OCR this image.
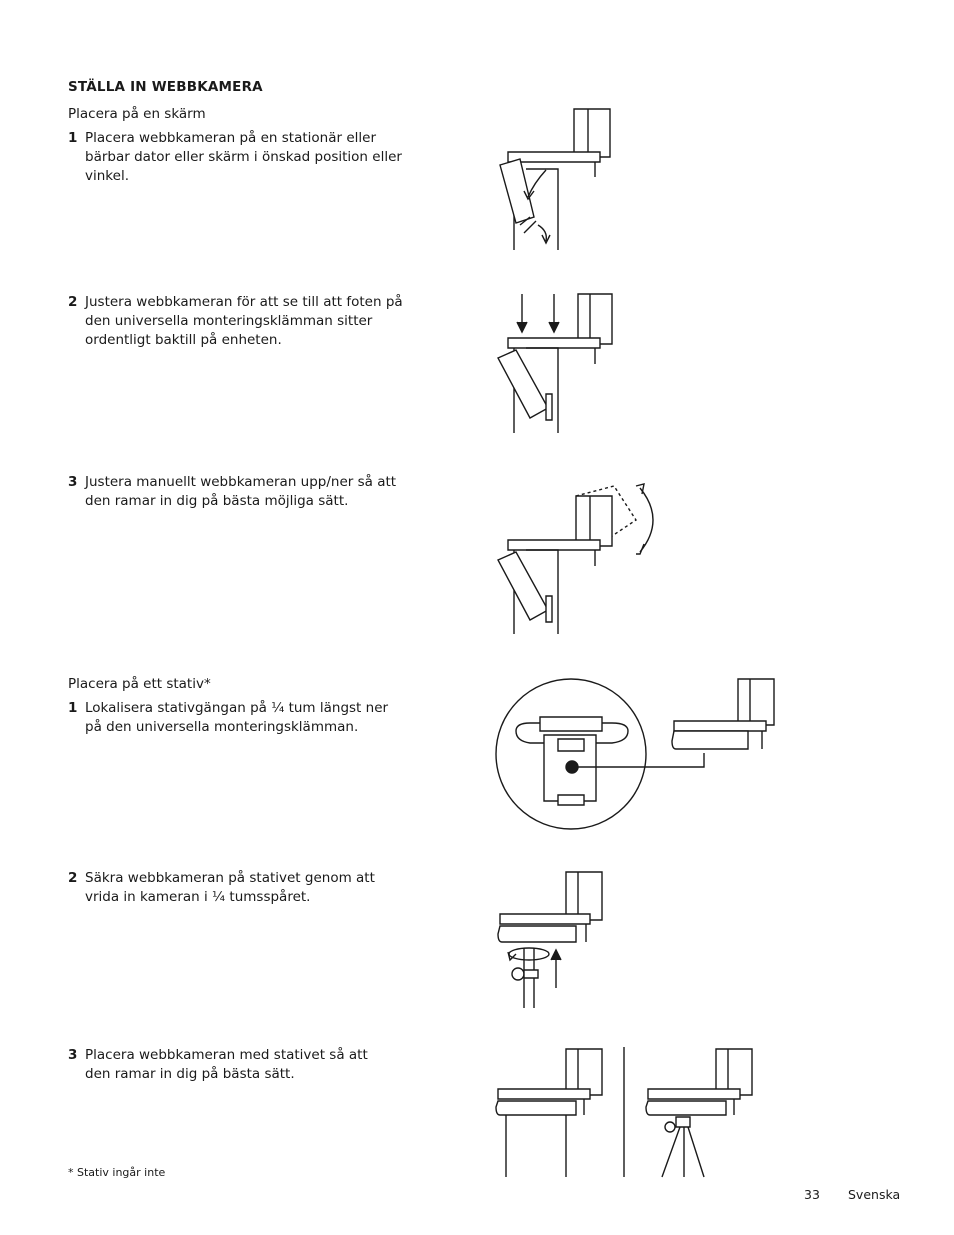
STÄLLA IN WEBBKAMERA
Placera på en skärm
1 Placera webbkameran på en stationär eller bärbar dator eller skärm i önskad position eller vinkel.
2 Justera webbkameran för att se till att foten på den universella monteringsklämman sitter ordentligt baktill på enheten.
3 Justera manuellt webbkameran upp/ner så att den ramar in dig på bästa möjliga sätt.
Placera på ett stativ*
1 Lokalisera stativgängan på ¼ tum längst ner på den universella monteringsklämman.
2 Säkra webbkameran på stativet genom att vrida in kameran i ¼ tumsspåret.
3 Placera webbkameran med stativet så att den ramar in dig på bästa sätt.
* Stativ ingår inte
33 Svenska
